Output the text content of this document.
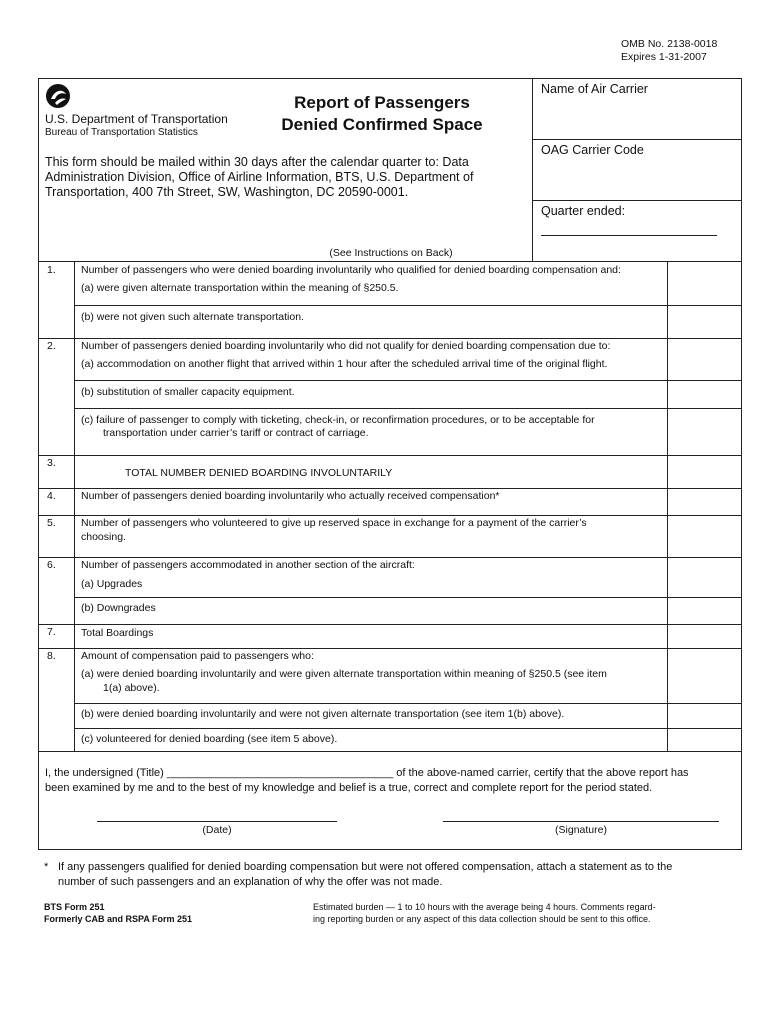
OMB No. 2138-0018
Expires 1-31-2007
U.S. Department of Transportation
Bureau of Transportation Statistics
Report of Passengers
Denied Confirmed Space
This form should be mailed within 30 days after the calendar quarter to: Data Administration Division, Office of Airline Information, BTS, U.S. Department of Transportation, 400 7th Street, SW, Washington, DC 20590-0001.
Name of Air Carrier
OAG Carrier Code
Quarter ended:
(See Instructions on Back)
1.	Number of passengers who were denied boarding involuntarily who qualified for denied boarding compensation and:
(a) were given alternate transportation within the meaning of §250.5.
(b) were not given such alternate transportation.
2.	Number of passengers denied boarding involuntarily who did not qualify for denied boarding compensation due to:
(a) accommodation on another flight that arrived within 1 hour after the scheduled arrival time of the original flight.
(b) substitution of smaller capacity equipment.
(c) failure of passenger to comply with ticketing, check-in, or reconfirmation procedures, or to be acceptable for
transportation under carrier’s tariff or contract of carriage.
3.
TOTAL NUMBER DENIED BOARDING INVOLUNTARILY
4.	Number of passengers denied boarding involuntarily who actually received compensation*
5.	Number of passengers who volunteered to give up reserved space in exchange for a payment of the carrier’s
choosing.
6.	Number of passengers accommodated in another section of the aircraft:
(a) Upgrades
(b) Downgrades
7.	Total Boardings
8.	Amount of compensation paid to passengers who:
(a) were denied boarding involuntarily and were given alternate transportation within meaning of §250.5 (see item
1(a) above).
(b) were denied boarding involuntarily and were not given alternate transportation (see item 1(b) above).
(c) volunteered for denied boarding (see item 5 above).
I, the undersigned (Title) _____________________________________ of the above-named carrier, certify that the above report has
been examined by me and to the best of my knowledge and belief is a true, correct and complete report for the period stated.
(Date)	(Signature)
* If any passengers qualified for denied boarding compensation but were not offered compensation, attach a statement as to the
number of such passengers and an explanation of why the offer was not made.
BTS Form 251
Formerly CAB and RSPA Form 251
Estimated burden — 1 to 10 hours with the average being 4 hours. Comments regard-
ing reporting burden or any aspect of this data collection should be sent to this office.
